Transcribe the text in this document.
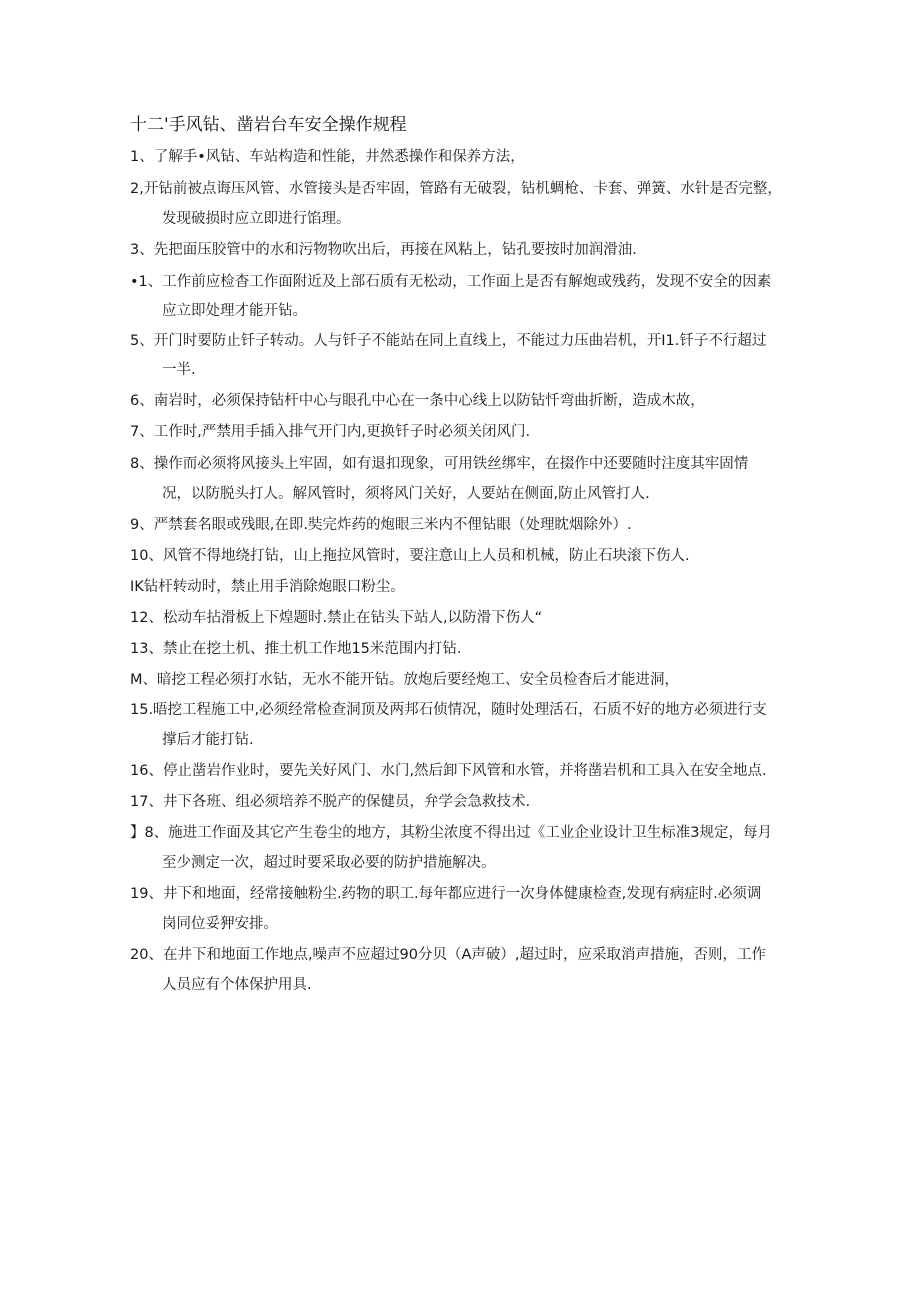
十二'手风钻、凿岩台车安全操作规程
1、了解手•风钻、车站构造和性能，井然悉操作和保养方法，
2,开钻前被点诲压风管、水管接头是否牢固，管路有无破裂，钻机蜩枪、卡套、弹簧、水针是否完整，
发现破损时应立即进行馅理。
3、先把面压胶管中的水和污物物吹出后，再接在风粘上，钻孔要按时加润滑油.
•1、工作前应检杳工作面附近及上部石质有无松动，工作面上是否有解炮或残药，发现不安全的因素
应立即处理才能开钻。
5、开门时要防止钎子转动。人与钎子不能站在同上直线上，不能过力压曲岩机，开I1.钎子不行超过
一半.
6、南岩时，必须保持钻杆中心与眼孔中心在一条中心线上以防钻忏弯曲折断，造成木故，
7、工作时,严禁用手插入排气开门内,更换钎子时必须关闭风门.
8、操作而必须将风接头上牢固，如有退扣现象，可用铁丝绑牢，在掇作中还要随时注度其牢固情
况，以防脱头打人。解风管时，须将风门关好，人要站在侧面,防止风管打人.
9、严禁套名眼或残眼,在即.奘完炸药的炮眼三米内不俚钻眼（处理眈烟除外）.
10、风管不得地绕打钻，山上拖拉风管时，要注意山上人员和机械，防止石块滚下伤人.
IK钻杆转动时，禁止用手消除炮眼口粉尘。
12、松动车拈滑板上下煌题时.禁止在钻头下站人,以防滑下伤人“
13、禁止在挖土机、推土机工作地15米范围内打钻.
M、暗挖工程必须打水钻，无水不能开钻。放炮后要经炮工、安全员检杳后才能进洞，
15.晤挖工程施工中,必须经常检查洞顶及两邦石侦情况，随时处理活石，石质不好的地方必须进行支
撑后才能打钻.
16、停止凿岩作业时，要先关好风门、水门,然后卸下风管和水管，并将凿岩机和工具入在安全地点.
17、井下各班、组必须培养不脱产的保健员，弁学会急救技术.
】8、施进工作面及其它产生卷尘的地方，其粉尘浓度不得出过《工业企业设计卫生标准3规定，每月
至少测定一次，超过时要采取必要的防护措施解决。
19、井下和地面，经常接触粉尘.药物的职工.每年都应进行一次身体健康检查,发现有病症时.必须调
岗同位妥狎安排。
20、在井下和地面工作地点,噪声不应超过90分贝（A声破）,超过时，应采取消声措施，否则，工作
人员应有个体保护用具.
